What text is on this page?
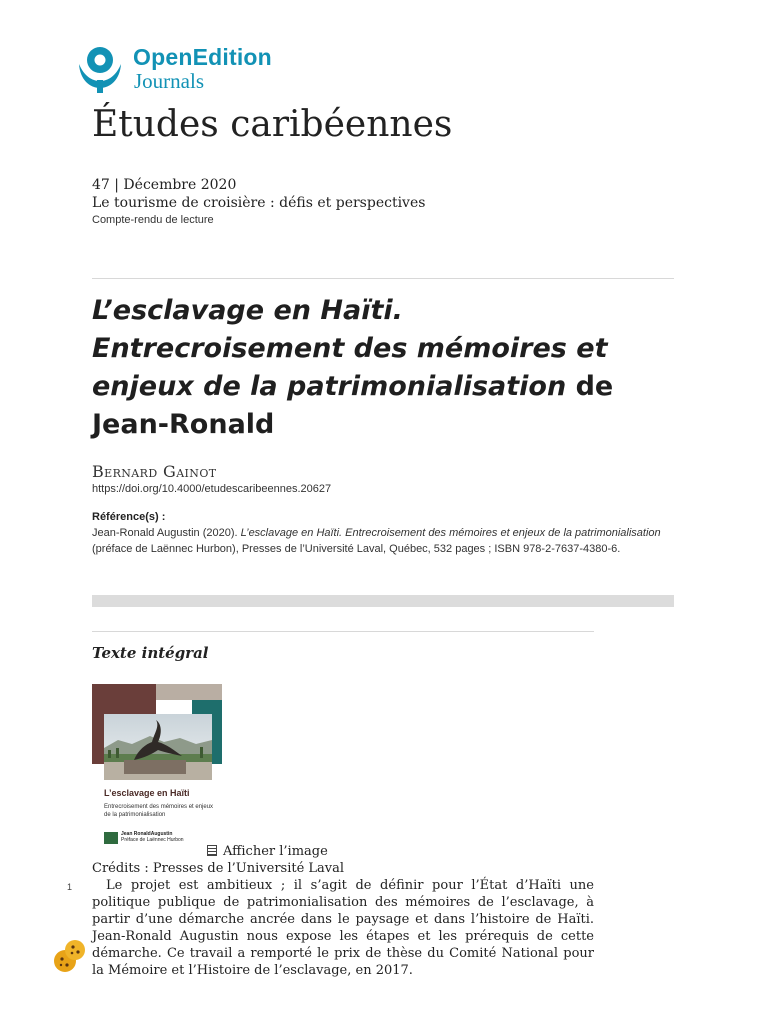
OpenEdition
Journals
Études caribéennes
47 | Décembre 2020
Le tourisme de croisière : défis et perspectives
Compte-rendu de lecture
L’esclavage en Haïti. Entrecroisement des mémoires et enjeux de la patrimonialisation de Jean-Ronald
Bernard Gainot
https://doi.org/10.4000/etudescaribeennes.20627
Référence(s) :
Jean-Ronald Augustin (2020). L’esclavage en Haïti. Entrecroisement des mémoires et enjeux de la patrimonialisation (préface de Laënnec Hurbon), Presses de l’Université Laval, Québec, 532 pages ; ISBN 978-2-7637-4380-6.
Texte intégral
L’esclavage en Haïti
Entrecroisement des mémoires et enjeux de la patrimonialisation
Jean RonaldAugustin
Préface de Laënnec Hurbon
Afficher l’image
Crédits : Presses de l’Université Laval
1	Le projet est ambitieux ; il s’agit de définir pour l’État d’Haïti une politique publique de patrimonialisation des mémoires de l’esclavage, à partir d’une démarche ancrée dans le paysage et dans l’histoire de Haïti. Jean-Ronald Augustin nous expose les étapes et les prérequis de cette démarche. Ce travail a remporté le prix de thèse du Comité National pour la Mémoire et l’Histoire de l’esclavage, en 2017.
